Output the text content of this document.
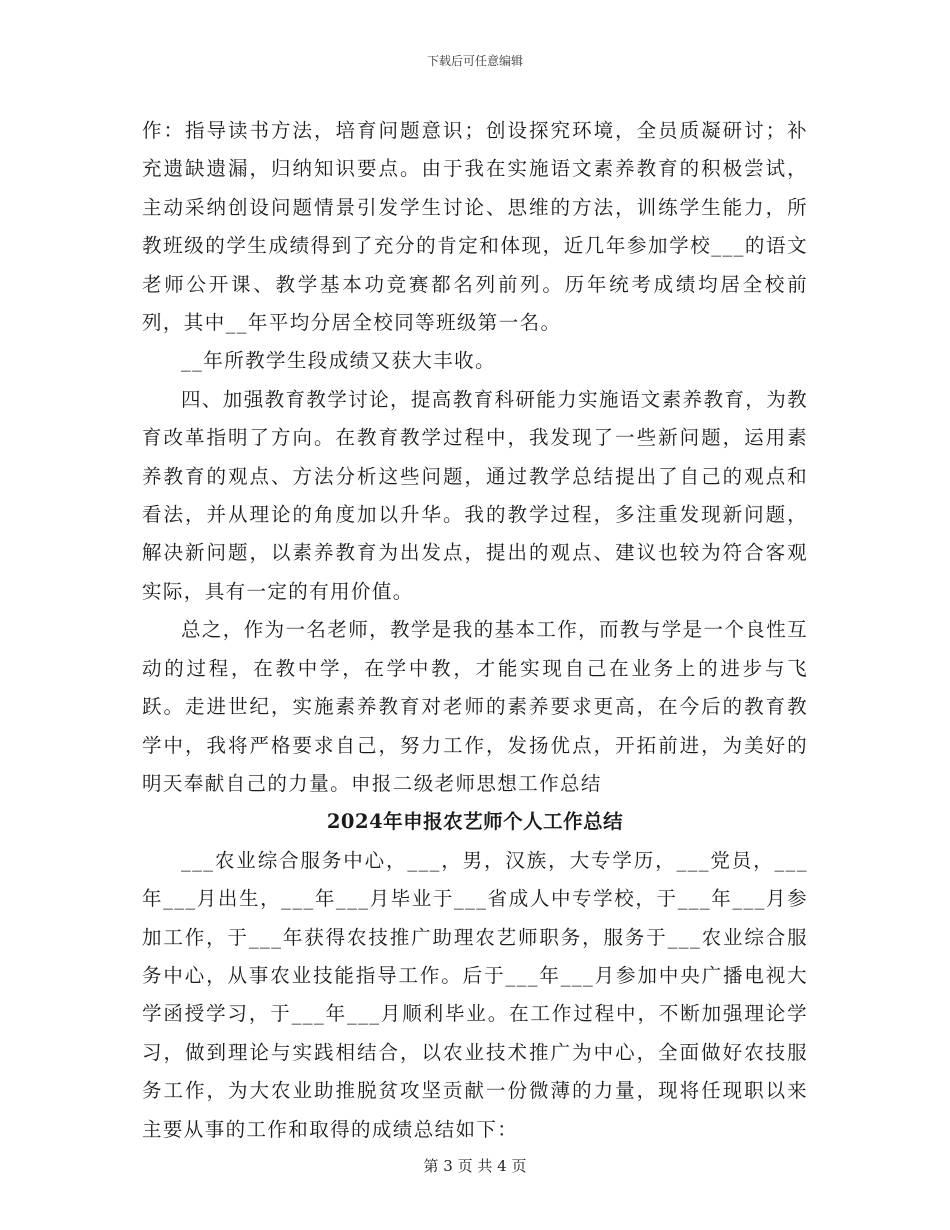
下载后可任意编辑

作：指导读书方法，培育问题意识；创设探究环境，全员质凝研讨；补充遗缺遗漏，归纳知识要点。由于我在实施语文素养教育的积极尝试，主动采纳创设问题情景引发学生讨论、思维的方法，训练学生能力，所教班级的学生成绩得到了充分的肯定和体现，近几年参加学校___的语文老师公开课、教学基本功竞赛都名列前列。历年统考成绩均居全校前列，其中__年平均分居全校同等班级第一名。

__年所教学生段成绩又获大丰收。

四、加强教育教学讨论，提高教育科研能力实施语文素养教育，为教育改革指明了方向。在教育教学过程中，我发现了一些新问题，运用素养教育的观点、方法分析这些问题，通过教学总结提出了自己的观点和看法，并从理论的角度加以升华。我的教学过程，多注重发现新问题，解决新问题，以素养教育为出发点，提出的观点、建议也较为符合客观实际，具有一定的有用价值。

总之，作为一名老师，教学是我的基本工作，而教与学是一个良性互动的过程，在教中学，在学中教，才能实现自己在业务上的进步与飞跃。走进世纪，实施素养教育对老师的素养要求更高，在今后的教育教学中，我将严格要求自己，努力工作，发扬优点，开拓前进，为美好的明天奉献自己的力量。申报二级老师思想工作总结

2024年申报农艺师个人工作总结

___农业综合服务中心，___，男，汉族，大专学历，___党员，___年___月出生，___年___月毕业于___省成人中专学校，于___年___月参加工作，于___年获得农技推广助理农艺师职务，服务于___农业综合服务中心，从事农业技能指导工作。后于___年___月参加中央广播电视大学函授学习，于___年___月顺利毕业。在工作过程中，不断加强理论学习，做到理论与实践相结合，以农业技术推广为中心，全面做好农技服务工作，为大农业助推脱贫攻坚贡献一份微薄的力量，现将任现职以来主要从事的工作和取得的成绩总结如下：

第 3 页 共 4 页
